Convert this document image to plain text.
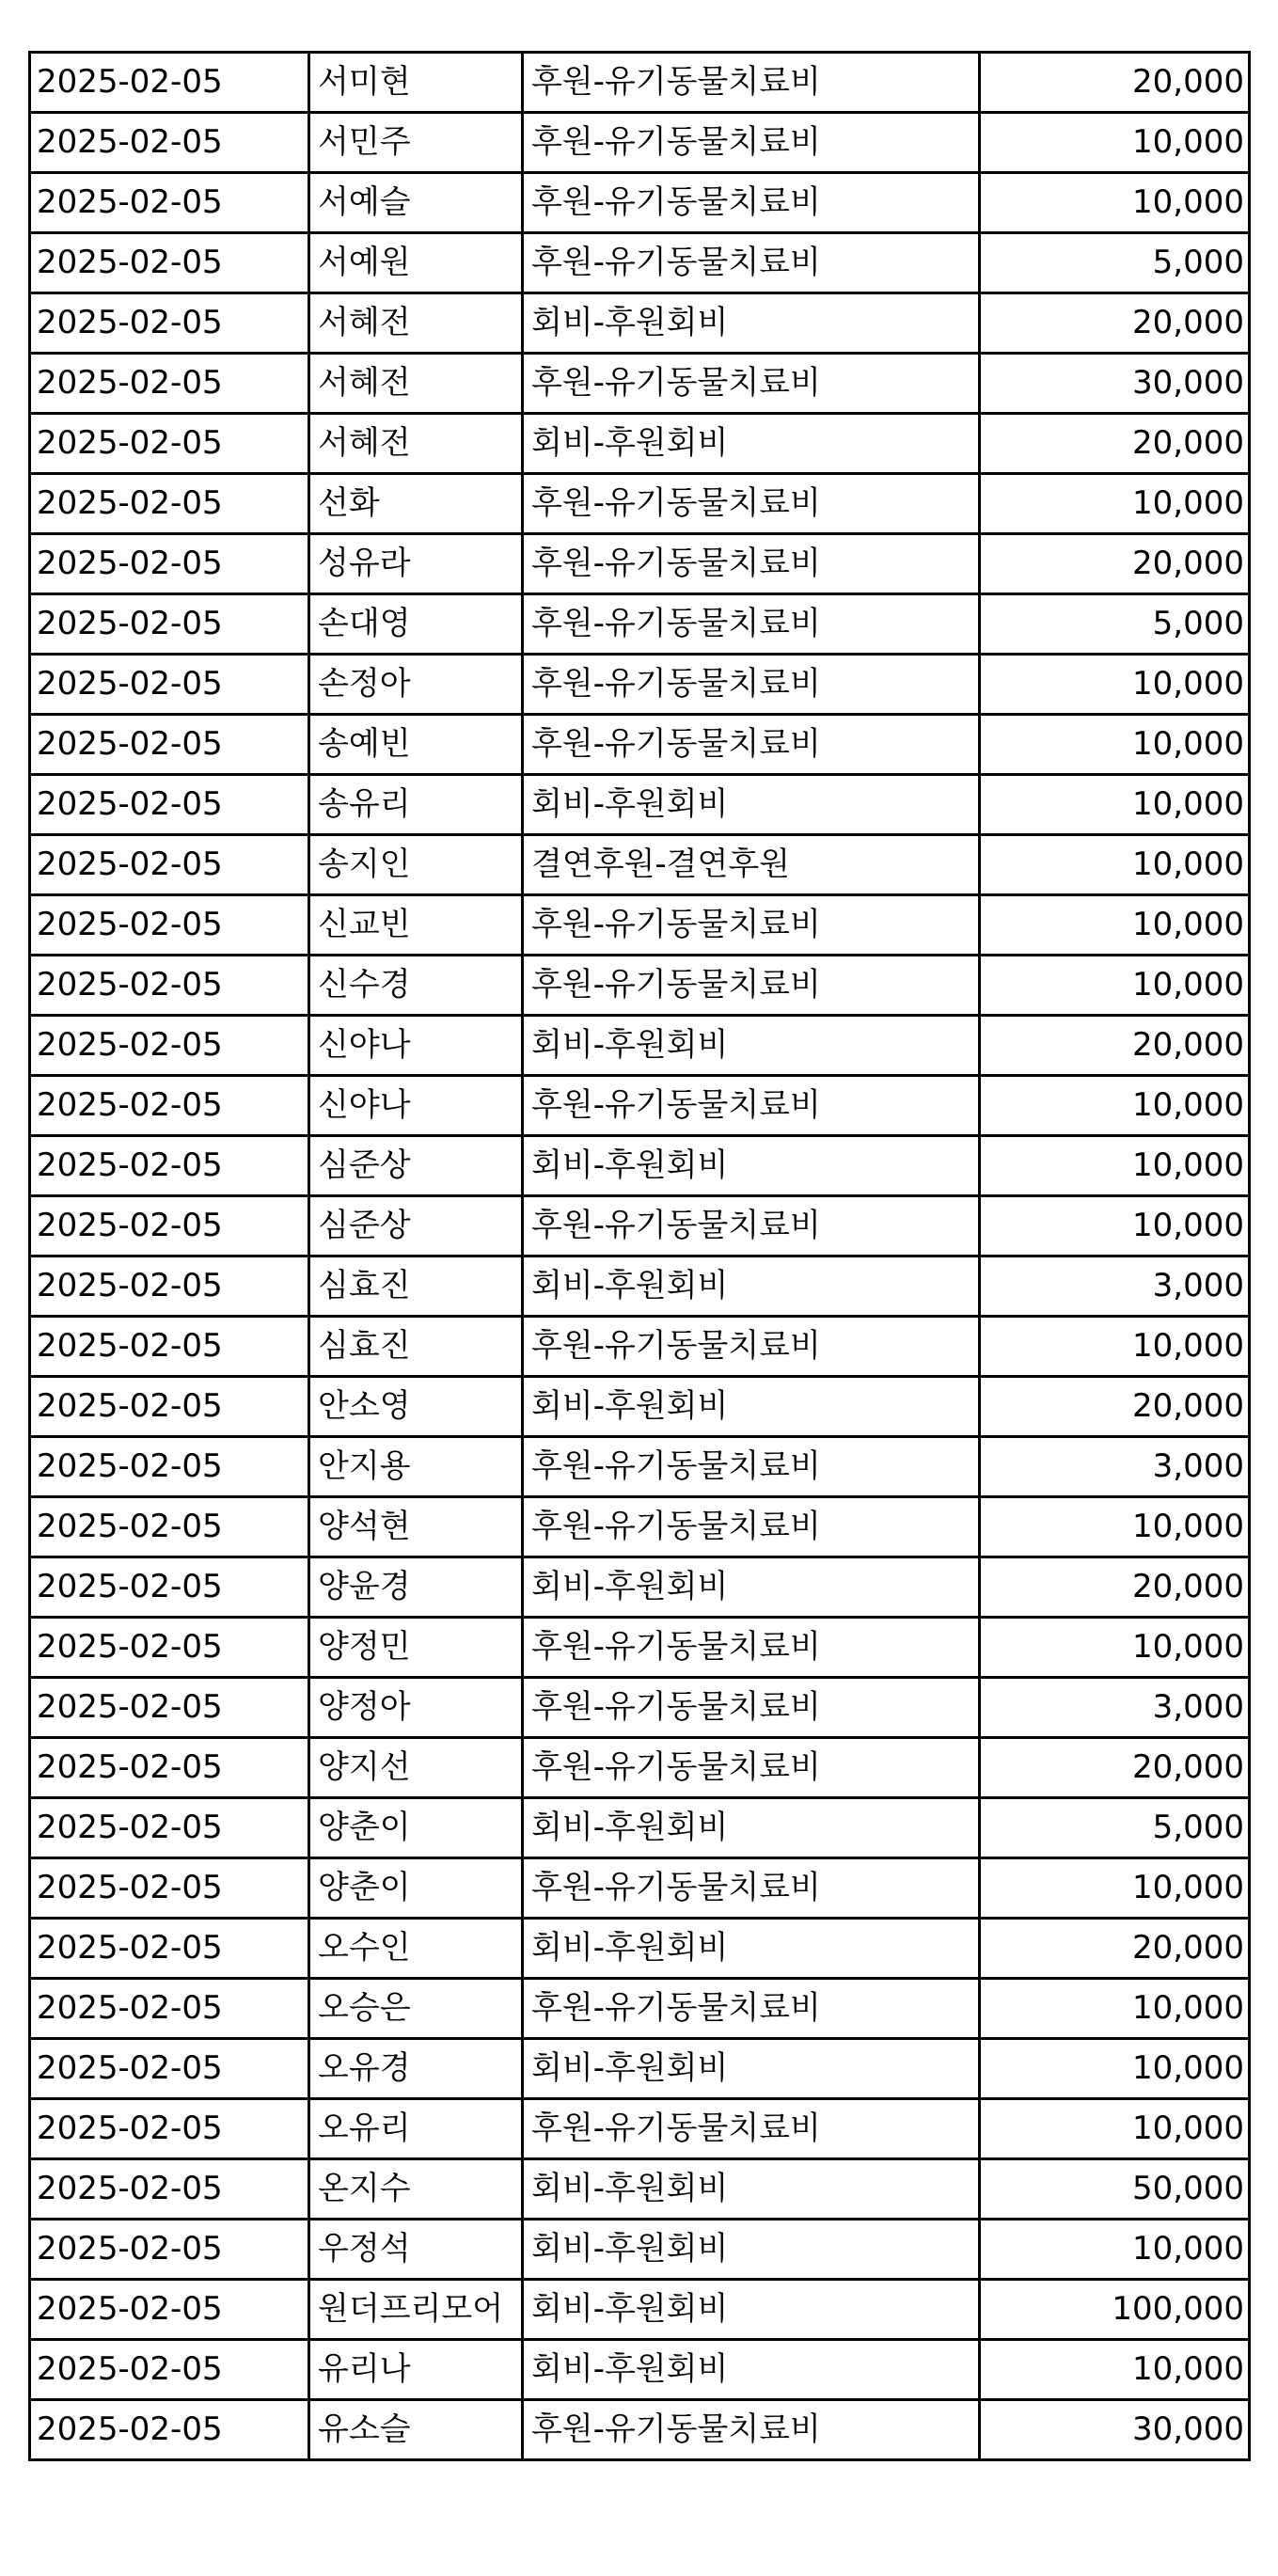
2025-02-05	서미현	후원-유기동물치료비	20,000
2025-02-05	서민주	후원-유기동물치료비	10,000
2025-02-05	서예슬	후원-유기동물치료비	10,000
2025-02-05	서예원	후원-유기동물치료비	5,000
2025-02-05	서혜전	회비-후원회비	20,000
2025-02-05	서혜전	후원-유기동물치료비	30,000
2025-02-05	서혜전	회비-후원회비	20,000
2025-02-05	선화	후원-유기동물치료비	10,000
2025-02-05	성유라	후원-유기동물치료비	20,000
2025-02-05	손대영	후원-유기동물치료비	5,000
2025-02-05	손정아	후원-유기동물치료비	10,000
2025-02-05	송예빈	후원-유기동물치료비	10,000
2025-02-05	송유리	회비-후원회비	10,000
2025-02-05	송지인	결연후원-결연후원	10,000
2025-02-05	신교빈	후원-유기동물치료비	10,000
2025-02-05	신수경	후원-유기동물치료비	10,000
2025-02-05	신야나	회비-후원회비	20,000
2025-02-05	신야나	후원-유기동물치료비	10,000
2025-02-05	심준상	회비-후원회비	10,000
2025-02-05	심준상	후원-유기동물치료비	10,000
2025-02-05	심효진	회비-후원회비	3,000
2025-02-05	심효진	후원-유기동물치료비	10,000
2025-02-05	안소영	회비-후원회비	20,000
2025-02-05	안지용	후원-유기동물치료비	3,000
2025-02-05	양석현	후원-유기동물치료비	10,000
2025-02-05	양윤경	회비-후원회비	20,000
2025-02-05	양정민	후원-유기동물치료비	10,000
2025-02-05	양정아	후원-유기동물치료비	3,000
2025-02-05	양지선	후원-유기동물치료비	20,000
2025-02-05	양춘이	회비-후원회비	5,000
2025-02-05	양춘이	후원-유기동물치료비	10,000
2025-02-05	오수인	회비-후원회비	20,000
2025-02-05	오승은	후원-유기동물치료비	10,000
2025-02-05	오유경	회비-후원회비	10,000
2025-02-05	오유리	후원-유기동물치료비	10,000
2025-02-05	온지수	회비-후원회비	50,000
2025-02-05	우정석	회비-후원회비	10,000
2025-02-05	원더프리모어	회비-후원회비	100,000
2025-02-05	유리나	회비-후원회비	10,000
2025-02-05	유소슬	후원-유기동물치료비	30,000
